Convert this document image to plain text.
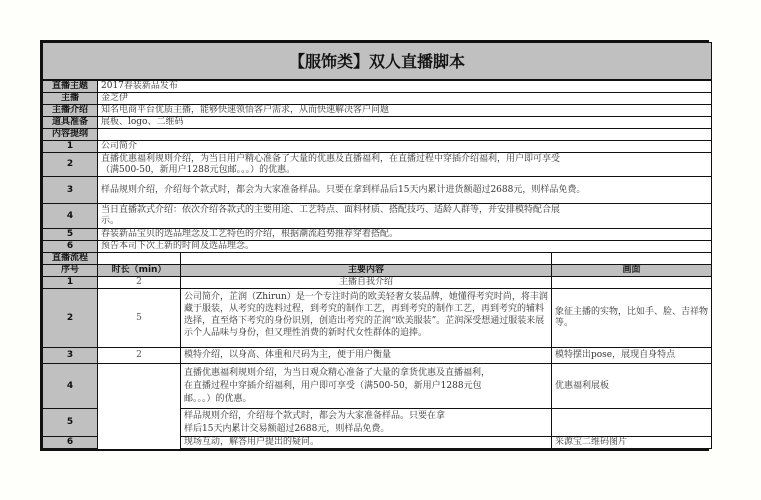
【服饰类】双人直播脚本			
直播主题	2017春装新品发布		
主播	金芝伊		
主播介绍	知名电商平台优质主播，能够快速领悟客户需求，从而快速解决客户问题		
道具准备	展板、logo、二维码		
内容提纲			
1	公司简介		
2	直播优惠福利规则介绍，为当日用户精心准备了大量的优惠及直播福利，在直播过程中穿插介绍福利，用户即可享受（满500-50，新用户1288元包邮。。。）的优惠。		
3	样品规则介绍，介绍每个款式时，都会为大家准备样品。只要在拿到样品后15天内累计进货额超过2688元，则样品免费。		
4	当日直播款式介绍：依次介绍各款式的主要用途、工艺特点、面料材质、搭配技巧、适龄人群等，并安排模特配合展示。		
5	春装新品宝贝的选品理念及工艺特色的介绍，根据潮流趋势推荐穿着搭配。		
6	预告本司下次上新的时间及选品理念。		
直播流程			
序号	时长（min）	主要内容	画面
1	2	主播自我介绍	
2	5	公司简介，芷润（Zhirun）是一个专注时尚的欧美轻奢女装品牌，她懂得考究时尚，将丰润藏于服装，从考究的选料过程，到考究的制作工艺，再到考究的制作工艺，再到考究的辅料选择，直至烙下考究的身份识别，创造出考究的芷润“欧美服装”。芷润深受想通过服装来展示个人品味与身份，但又理性消费的新时代女性群体的追捧。	象征主播的实物，比如手、脸、吉祥物等。
3	2	模特介绍，以身高、体重和尺码为主，便于用户衡量	模特摆出pose，展现自身特点
4		直播优惠福利规则介绍，为当日观众精心准备了大量的拿货优惠及直播福利，在直播过程中穿插介绍福利，用户即可享受（满500-50，新用户1288元包邮。。。）的优惠。	优惠福利展板
5		样品规则介绍，介绍每个款式时，都会为大家准备样品。只要在拿样后15天内累计交易额超过2688元，则样品免费。	
6		现场互动，解答用户提出的疑问。	采源宝二维码图片
